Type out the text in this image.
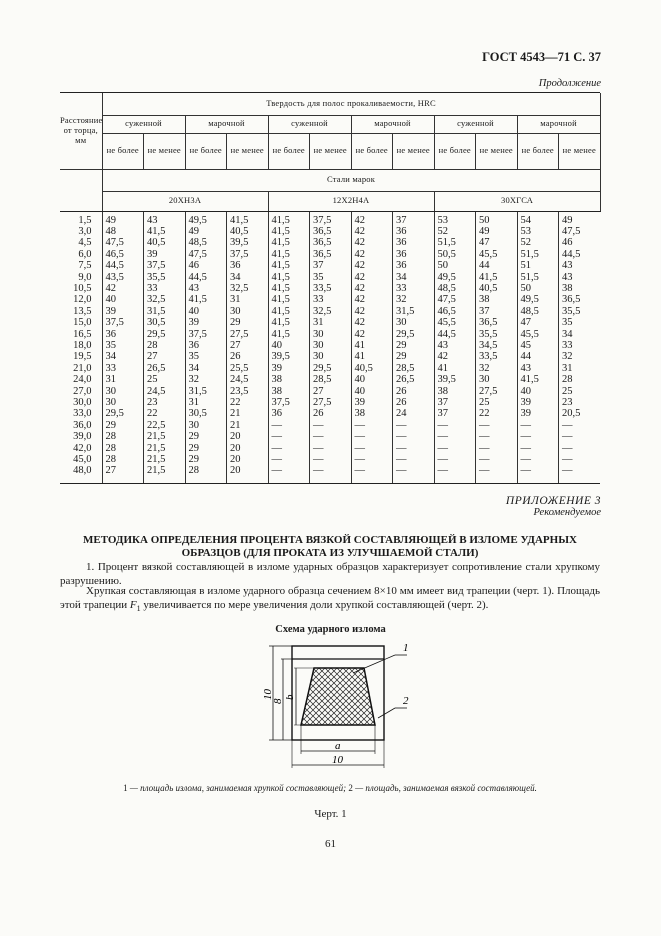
ГОСТ 4543—71 С. 37
Продолжение
Расстояние от торца, мм	Твердость для полос прокаливаемости, HRC											
	суженной		марочной		суженной		марочной		суженной		марочной	
	не более	не менее	не более	не менее	не более	не менее	не более	не менее	не более	не менее	не более	не менее
	Стали марок											
	20ХН3А				12Х2Н4А				30ХГСА			
1,5	49	43	49,5	41,5	41,5	37,5	42	37	53	50	54	49
3,0	48	41,5	49	40,5	41,5	36,5	42	36	52	49	53	47,5
4,5	47,5	40,5	48,5	39,5	41,5	36,5	42	36	51,5	47	52	46
6,0	46,5	39	47,5	37,5	41,5	36,5	42	36	50,5	45,5	51,5	44,5
7,5	44,5	37,5	46	36	41,5	37	42	36	50	44	51	43
9,0	43,5	35,5	44,5	34	41,5	35	42	34	49,5	41,5	51,5	43
10,5	42	33	43	32,5	41,5	33,5	42	33	48,5	40,5	50	38
12,0	40	32,5	41,5	31	41,5	33	42	32	47,5	38	49,5	36,5
13,5	39	31,5	40	30	41,5	32,5	42	31,5	46,5	37	48,5	35,5
15,0	37,5	30,5	39	29	41,5	31	42	30	45,5	36,5	47	35
16,5	36	29,5	37,5	27,5	41,5	30	42	29,5	44,5	35,5	45,5	34
18,0	35	28	36	27	40	30	41	29	43	34,5	45	33
19,5	34	27	35	26	39,5	30	41	29	42	33,5	44	32
21,0	33	26,5	34	25,5	39	29,5	40,5	28,5	41	32	43	31
24,0	31	25	32	24,5	38	28,5	40	26,5	39,5	30	41,5	28
27,0	30	24,5	31,5	23,5	38	27	40	26	38	27,5	40	25
30,0	30	23	31	22	37,5	27,5	39	26	37	25	39	23
33,0	29,5	22	30,5	21	36	26	38	24	37	22	39	20,5
36,0	29	22,5	30	21	—	—	—	—	—	—	—	—
39,0	28	21,5	29	20	—	—	—	—	—	—	—	—
42,0	28	21,5	29	20	—	—	—	—	—	—	—	—
45,0	28	21,5	29	20	—	—	—	—	—	—	—	—
48,0	27	21,5	28	20	—	—	—	—	—	—	—	—
ПРИЛОЖЕНИЕ 3
Рекомендуемое
МЕТОДИКА ОПРЕДЕЛЕНИЯ ПРОЦЕНТА ВЯЗКОЙ СОСТАВЛЯЮЩЕЙ В ИЗЛОМЕ УДАРНЫХ
ОБРАЗЦОВ (ДЛЯ ПРОКАТА ИЗ УЛУЧШАЕМОЙ СТАЛИ)
1. Процент вязкой составляющей в изломе ударных образцов характеризует сопротивление стали хрупкому разрушению.
Хрупкая составляющая в изломе ударного образца сечением 8×10 мм имеет вид трапеции (черт. 1). Площадь этой трапеции $F_1$ увеличивается по мере увеличения доли хрупкой составляющей (черт. 2).
Схема ударного излома
1
2
a
10
b
8
10
1 — площадь излома, занимаемая хрупкой составляющей; 2 — площадь, занимаемая вязкой составляющей.
Черт. 1
61
